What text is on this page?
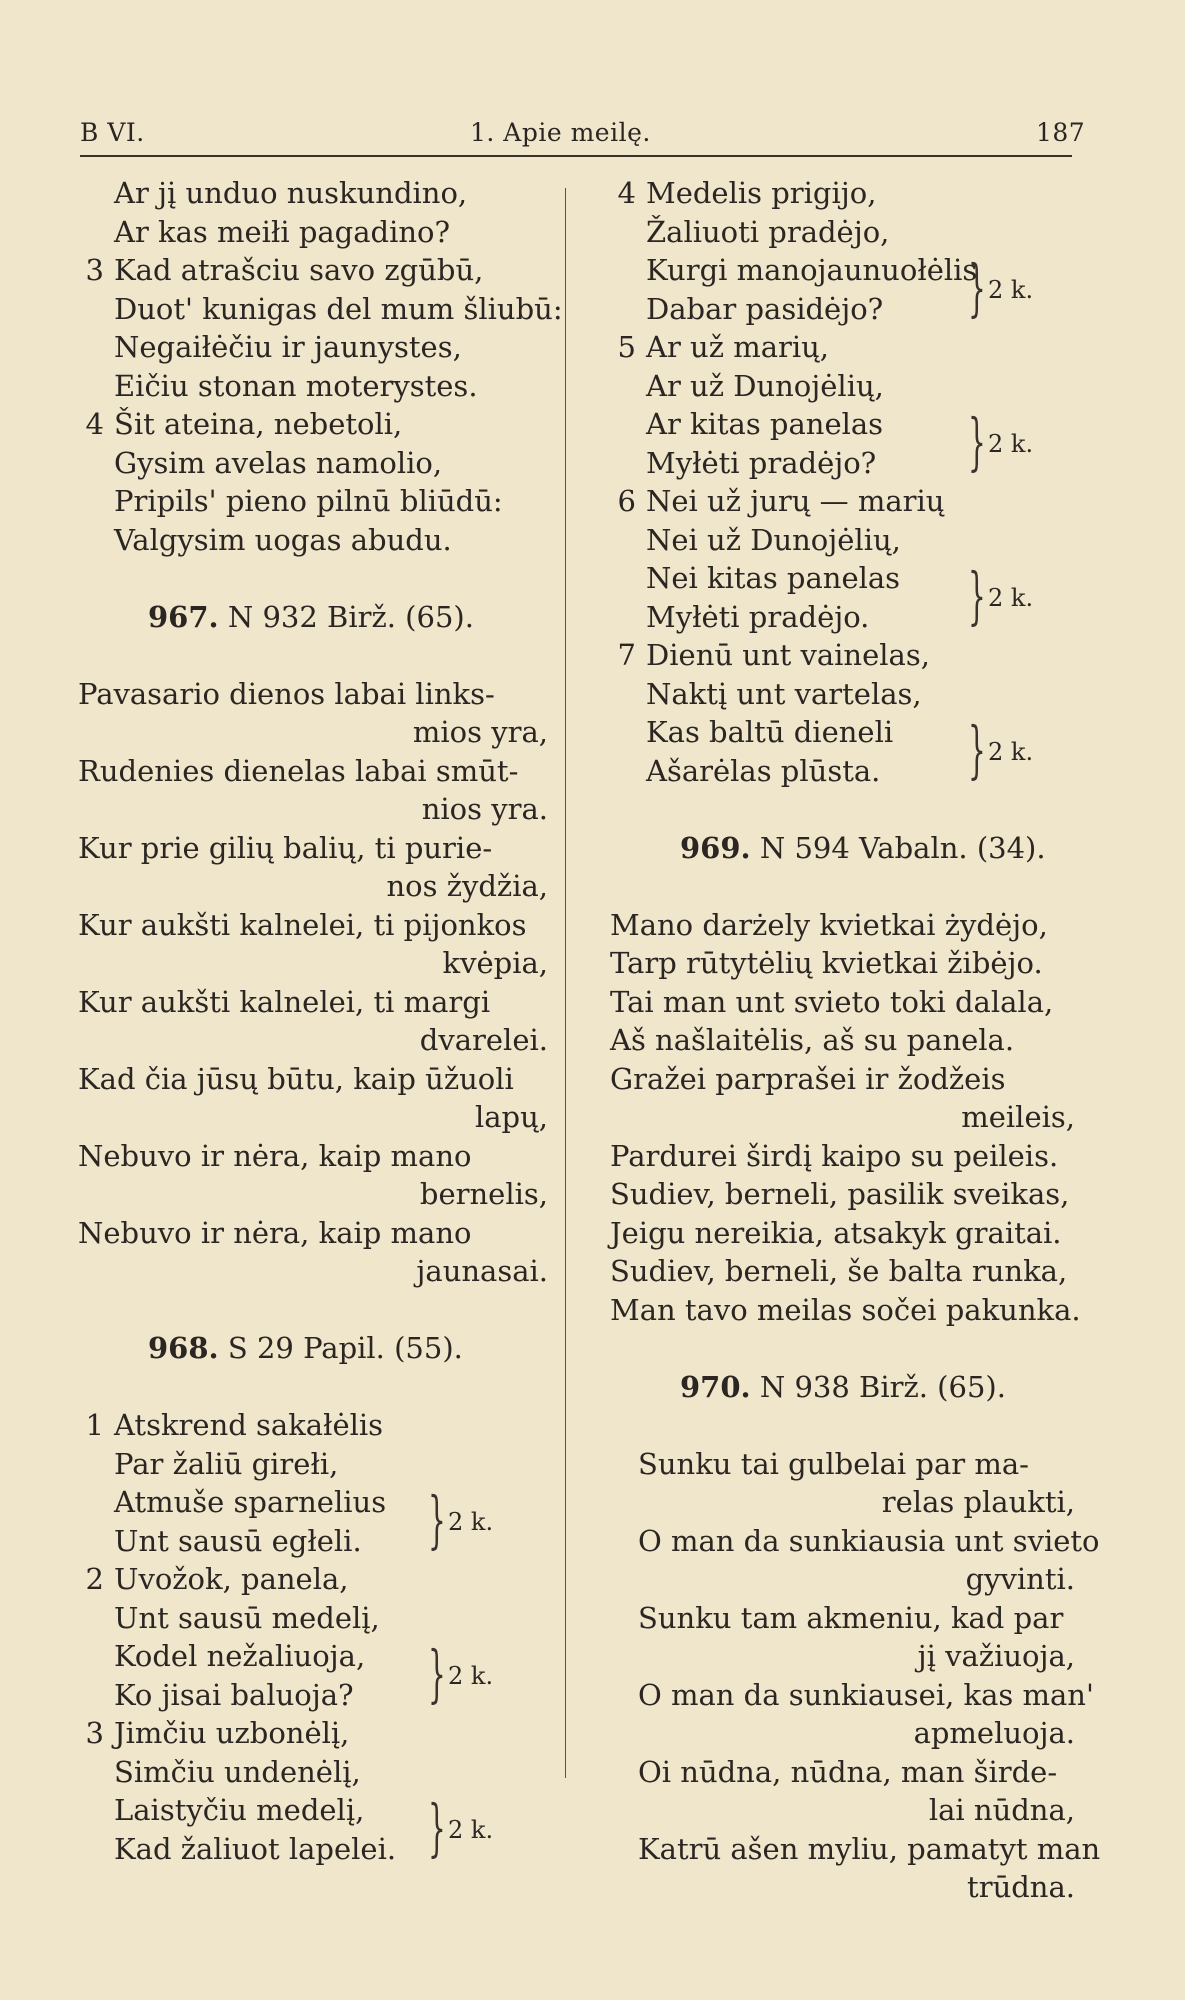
B VI.	1. Apie meilę.	187
Ar jį unduo nuskundino,
Ar kas meiłi pagadino?
3 Kad atrašciu savo zgūbū,
Duot' kunigas del mum šliubū:
Negaiłėčiu ir jaunystes,
Eičiu stonan moterystes.
4 Šit ateina, nebetoli,
Gysim avelas namolio,
Pripils' pieno pilnū bliūdū:
Valgysim uogas abudu.
967. N 932 Birž. (65).
Pavasario dienos labai links-
mios yra,
Rudenies dienelas labai smūt-
nios yra.
Kur prie gilių balių, ti purie-
nos žydžia,
Kur aukšti kalnelei, ti pijonkos
kvėpia,
Kur aukšti kalnelei, ti margi
dvarelei.
Kad čia jūsų būtu, kaip ūžuoli
lapų,
Nebuvo ir nėra, kaip mano
bernelis,
Nebuvo ir nėra, kaip mano
jaunasai.
968. S 29 Papil. (55).
1 Atskrend sakałėlis
Par žaliū girełi,
Atmuše sparnelius } 2 k.
Unt sausū egłeli.
2 Uvožok, panela,
Unt sausū medelį,
Kodel nežaliuoja, } 2 k.
Ko jisai baluoja?
3 Jimčiu uzbonėlį,
Simčiu undenėlį,
Laistyčiu medelį, } 2 k.
Kad žaliuot lapelei.
4 Medelis prigijo,
Žaliuoti pradėjo,
Kurgi manojaunuołėlis
} 2 k.
Dabar pasidėjo?
5 Ar už marių,
Ar už Dunojėlių,
Ar kitas panelas } 2 k.
Myłėti pradėjo?
6 Nei už jurų — marių
Nei už Dunojėlių,
Nei kitas panelas } 2 k.
Myłėti pradėjo.
7 Dienū unt vainelas,
Naktį unt vartelas,
Kas baltū dieneli } 2 k.
Ašarėlas plūsta.
969. N 594 Vabaln. (34).
Mano darżely kvietkai żydėjo,
Tarp rūtytėlių kvietkai žibėjo.
Tai man unt svieto toki dalala,
Aš našlaitėlis, aš su panela.
Gražei parprašei ir žodžeis
meileis,
Pardurei širdį kaipo su peileis.
Sudiev, berneli, pasilik sveikas,
Jeigu nereikia, atsakyk graitai.
Sudiev, berneli, še balta runka,
Man tavo meilas sočei pakunka.
970. N 938 Birž. (65).
Sunku tai gulbelai par ma-
relas plaukti,
O man da sunkiausia unt svieto
gyvinti.
Sunku tam akmeniu, kad par
jį važiuoja,
O man da sunkiausei, kas man'
apmeluoja.
Oi nūdna, nūdna, man širde-
lai nūdna,
Katrū ašen myliu, pamatyt man
trūdna.
